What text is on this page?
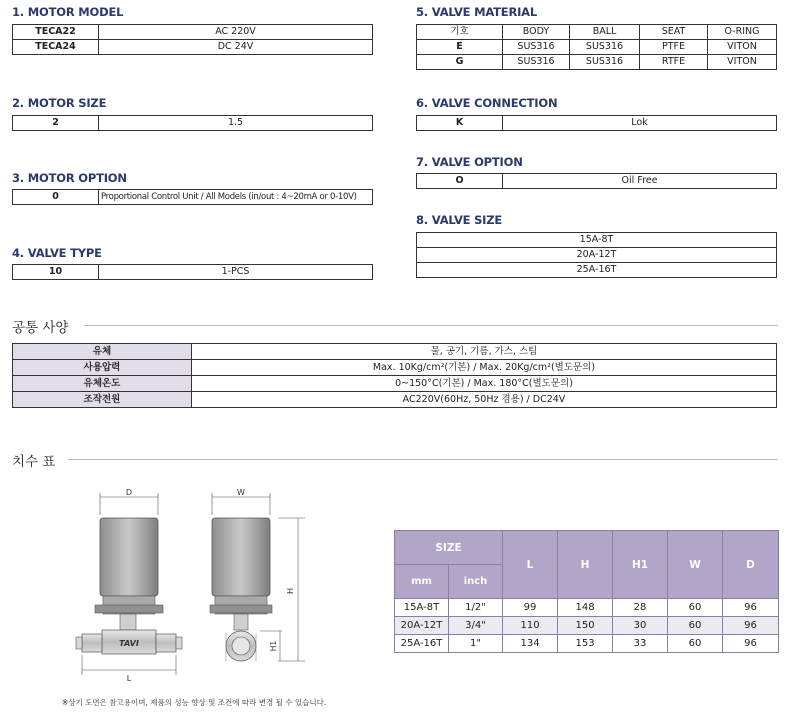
1. MOTOR MODEL
TECA22	AC 220V
TECA24	DC 24V
2. MOTOR SIZE
2	1.5
3. MOTOR OPTION
0	Proportional Control Unit / All Models (in/out : 4~20mA or 0-10V)
4. VALVE TYPE
10	1-PCS
5. VALVE MATERIAL
기호	BODY	BALL	SEAT	O-RING
E	SUS316	SUS316	PTFE	VITON
G	SUS316	SUS316	RTFE	VITON
6. VALVE CONNECTION
K	Lok
7. VALVE OPTION
O	Oil Free
8. VALVE SIZE
15A-8T
20A-12T
25A-16T
공통 사양
유체	물, 공기, 기름, 가스, 스팀
사용압력	Max. 10Kg/cm²(기본) / Max. 20Kg/cm²(별도문의)
유체온도	0~150°C(기본) / Max. 180°C(별도문의)
조작전원	AC220V(60Hz, 50Hz 겸용) / DC24V
치수 표
D
TAVI
L
W
H
H1
SIZE		L	H	H1	W	D
mm	inch					
15A-8T	1/2"	99	148	28	60	96
20A-12T	3/4"	110	150	30	60	96
25A-16T	1"	134	153	33	60	96
※상기 도면은 참고용이며, 제품의 성능 향상 및 조건에 따라 변경 될 수 있습니다.
